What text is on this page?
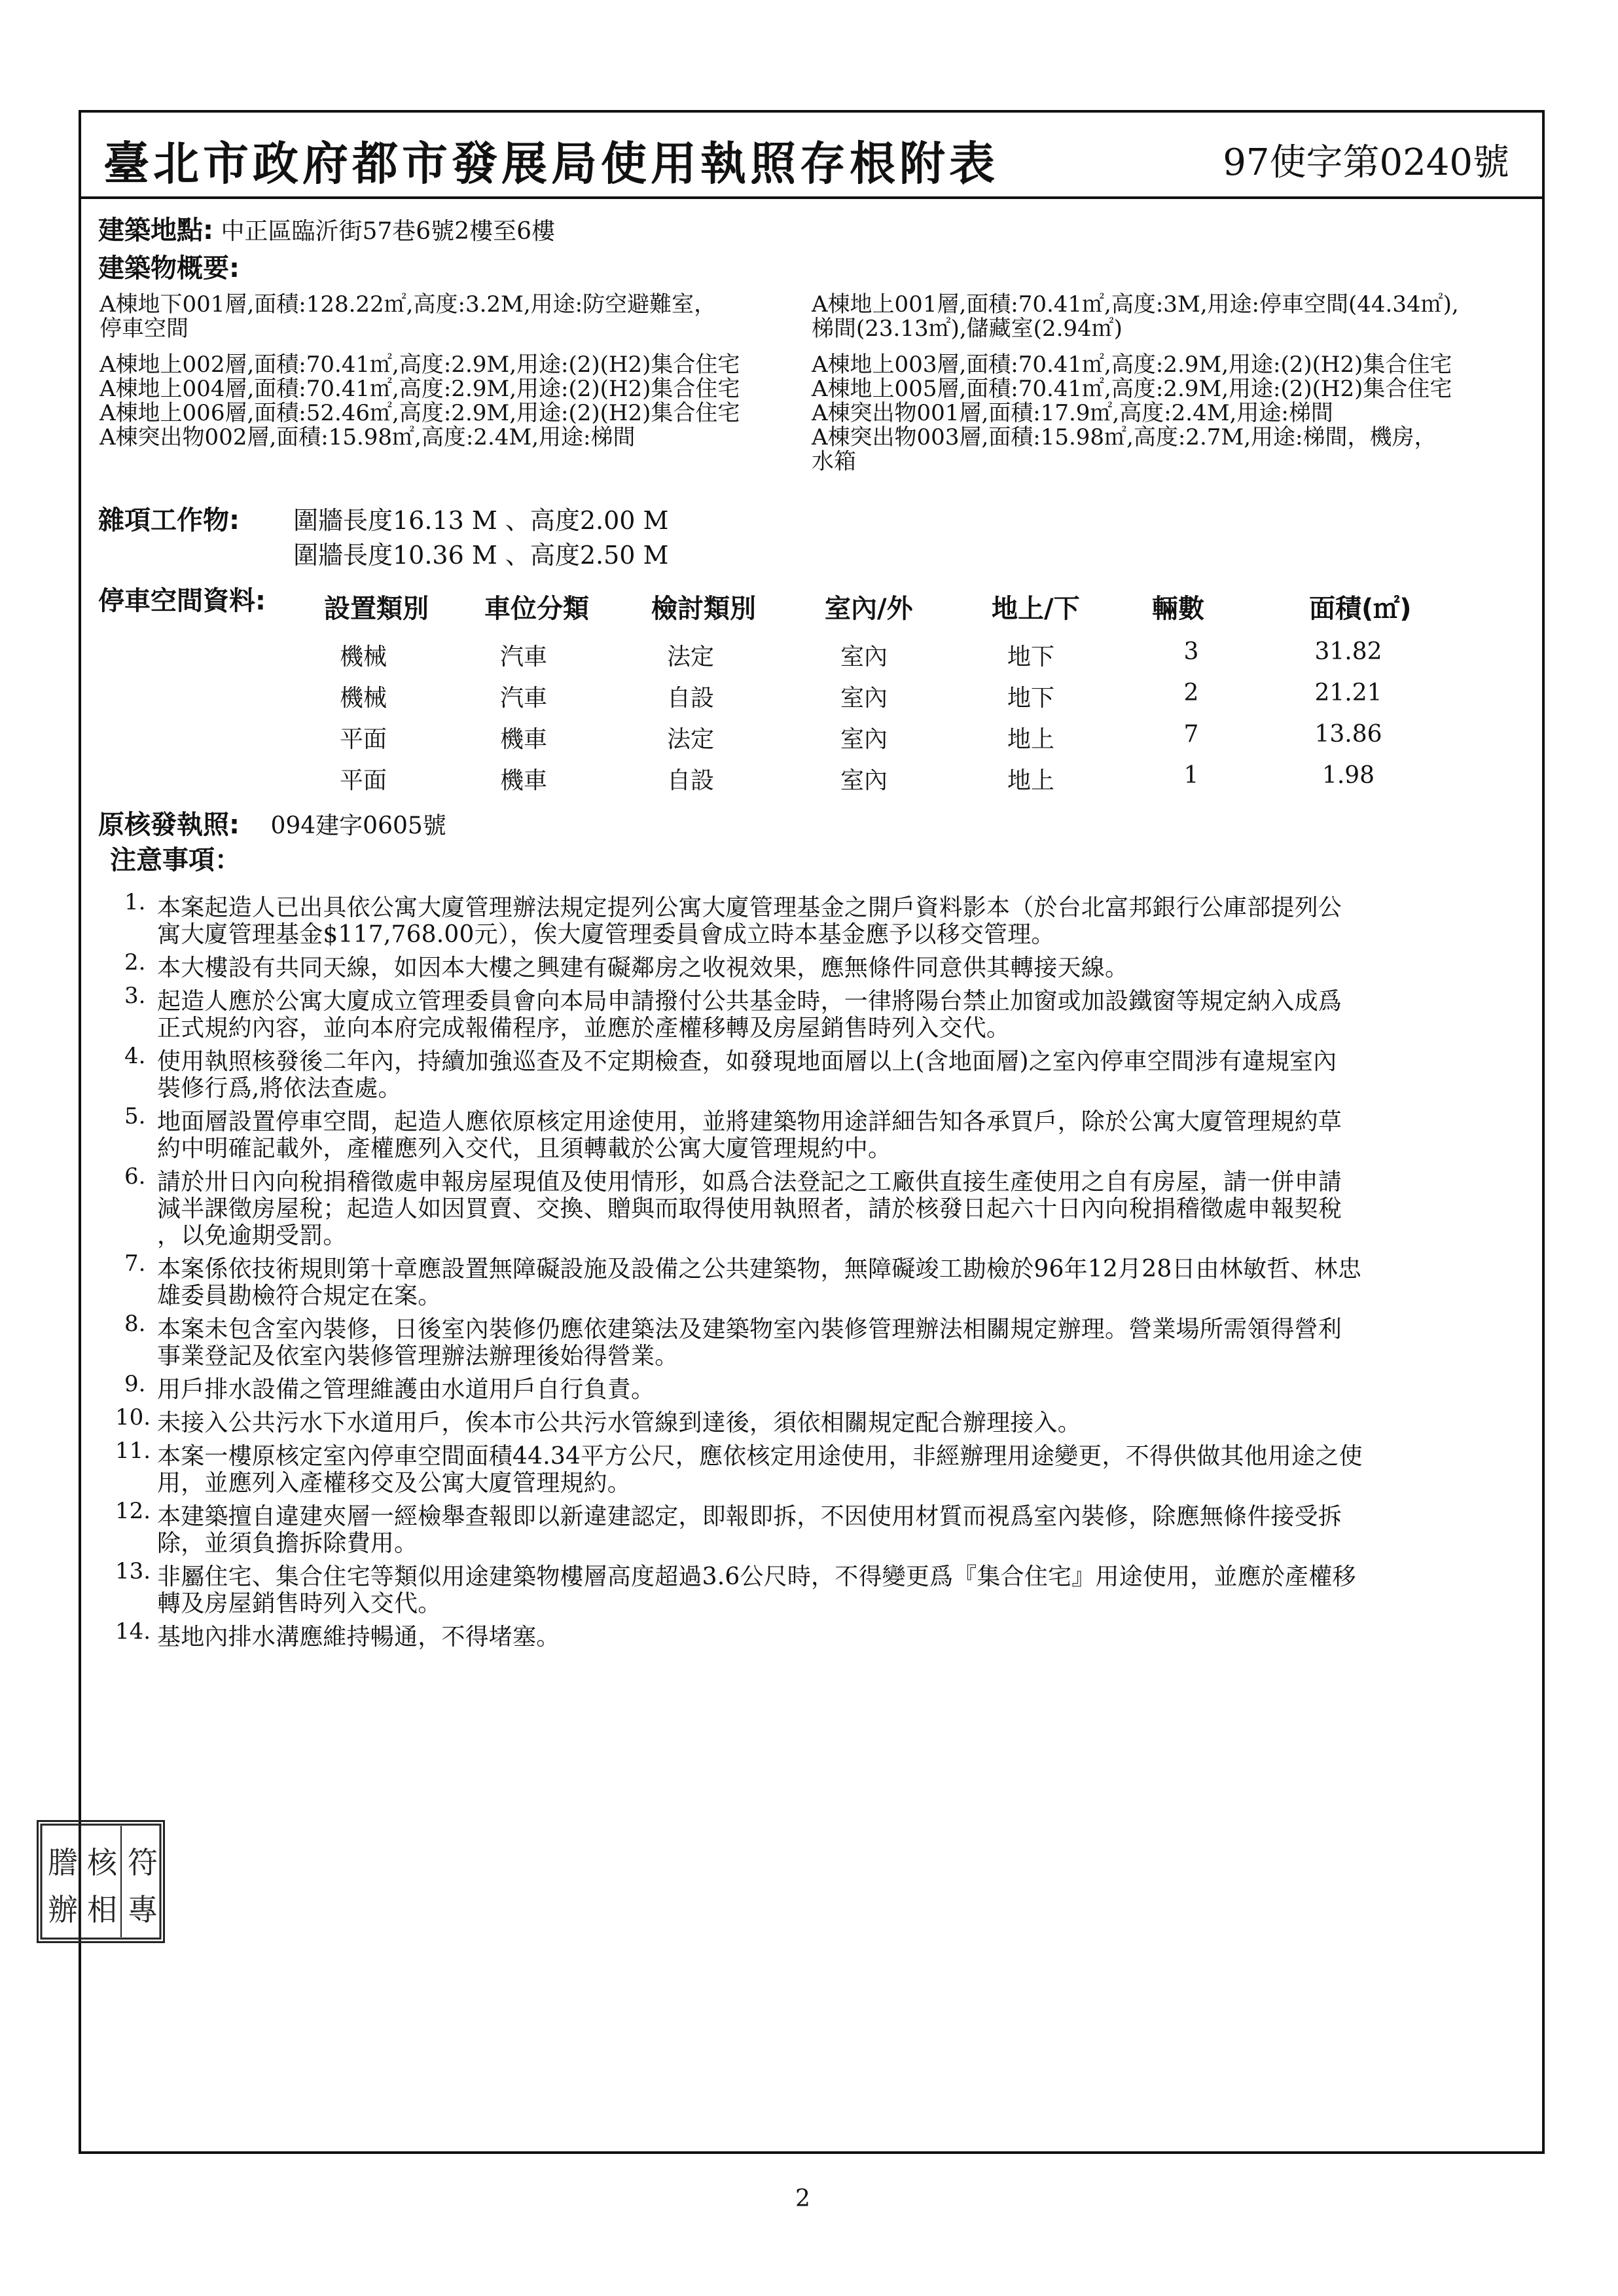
臺北市政府都市發展局使用執照存根附表	97使字第0240號
建築地點: 中正區臨沂街57巷6號2樓至6樓
建築物概要:
A棟地下001層,面積:128.22㎡,高度:3.2M,用途:防空避難室，
停車空間
A棟地上002層,面積:70.41㎡,高度:2.9M,用途:(2)(H2)集合住宅
A棟地上004層,面積:70.41㎡,高度:2.9M,用途:(2)(H2)集合住宅
A棟地上006層,面積:52.46㎡,高度:2.9M,用途:(2)(H2)集合住宅
A棟突出物002層,面積:15.98㎡,高度:2.4M,用途:梯間
A棟地上001層,面積:70.41㎡,高度:3M,用途:停車空間(44.34㎡),
梯間(23.13㎡),儲藏室(2.94㎡)
A棟地上003層,面積:70.41㎡,高度:2.9M,用途:(2)(H2)集合住宅
A棟地上005層,面積:70.41㎡,高度:2.9M,用途:(2)(H2)集合住宅
A棟突出物001層,面積:17.9㎡,高度:2.4M,用途:梯間
A棟突出物003層,面積:15.98㎡,高度:2.7M,用途:梯間，機房，
水箱
雜項工作物: 圍牆長度16.13 M 、高度2.00 M
圍牆長度10.36 M 、高度2.50 M
停車空間資料: 設置類別 車位分類 檢討類別	室內/外	地上/下	輛數	面積(㎡)
機械	汽車	法定	室內	地下	3	31.82
機械	汽車	自設	室內	地下	2	21.21
平面	機車	法定	室內	地上	7	13.86
平面	機車	自設	室內	地上	1	1.98
原核發執照: 094建字0605號
注意事項：
1. 本案起造人已出具依公寓大廈管理辦法規定提列公寓大廈管理基金之開戶資料影本（於台北富邦銀行公庫部提列公
寓大廈管理基金$117,768.00元），俟大廈管理委員會成立時本基金應予以移交管理。
2. 本大樓設有共同天線，如因本大樓之興建有礙鄰房之收視效果，應無條件同意供其轉接天線。
3. 起造人應於公寓大廈成立管理委員會向本局申請撥付公共基金時，一律將陽台禁止加窗或加設鐵窗等規定納入成爲
正式規約內容，並向本府完成報備程序，並應於產權移轉及房屋銷售時列入交代。
4. 使用執照核發後二年內，持續加強巡查及不定期檢查，如發現地面層以上(含地面層)之室內停車空間涉有違規室內
裝修行爲,將依法查處。
5. 地面層設置停車空間，起造人應依原核定用途使用，並將建築物用途詳細告知各承買戶，除於公寓大廈管理規約草
約中明確記載外，產權應列入交代，且須轉載於公寓大廈管理規約中。
6. 請於卅日內向稅捐稽徵處申報房屋現值及使用情形，如爲合法登記之工廠供直接生產使用之自有房屋，請一併申請
減半課徵房屋稅；起造人如因買賣、交換、贈與而取得使用執照者，請於核發日起六十日內向稅捐稽徵處申報契稅
，以免逾期受罰。
7. 本案係依技術規則第十章應設置無障礙設施及設備之公共建築物，無障礙竣工勘檢於96年12月28日由林敏哲、林忠
雄委員勘檢符合規定在案。
8. 本案未包含室內裝修，日後室內裝修仍應依建築法及建築物室內裝修管理辦法相關規定辦理。營業場所需領得營利
事業登記及依室內裝修管理辦法辦理後始得營業。
9. 用戶排水設備之管理維護由水道用戶自行負責。
10. 未接入公共污水下水道用戶，俟本市公共污水管線到達後，須依相關規定配合辦理接入。
11. 本案一樓原核定室內停車空間面積44.34平方公尺，應依核定用途使用，非經辦理用途變更，不得供做其他用途之使
用，並應列入產權移交及公寓大廈管理規約。
12. 本建築擅自違建夾層一經檢舉查報即以新違建認定，即報即拆，不因使用材質而視爲室內裝修，除應無條件接受拆
除，並須負擔拆除費用。
13. 非屬住宅、集合住宅等類似用途建築物樓層高度超過3.6公尺時，不得變更爲『集合住宅』用途使用，並應於產權移
轉及房屋銷售時列入交代。
14. 基地內排水溝應維持暢通，不得堵塞。
謄
辦
核
相
符
專
2
